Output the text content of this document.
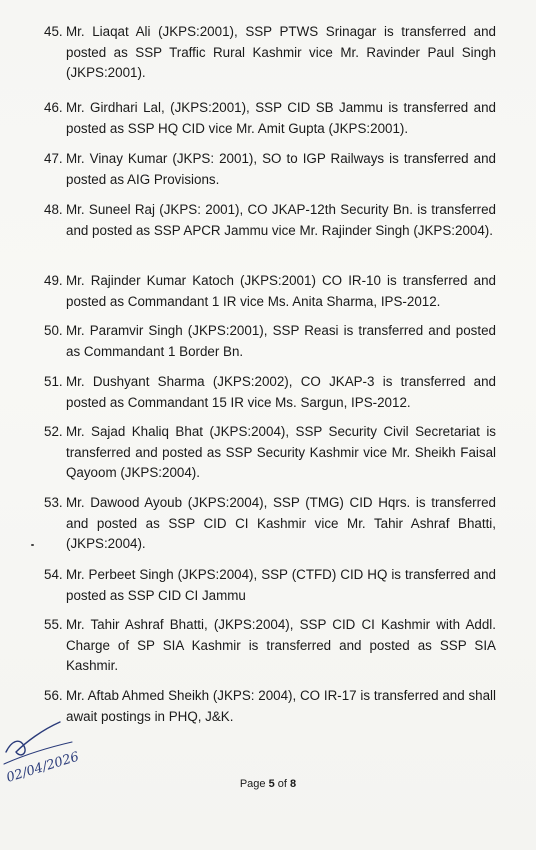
45. Mr. Liaqat Ali (JKPS:2001), SSP PTWS Srinagar is transferred and posted as SSP Traffic Rural Kashmir vice Mr. Ravinder Paul Singh (JKPS:2001).
46. Mr. Girdhari Lal, (JKPS:2001), SSP CID SB Jammu is transferred and posted as SSP HQ CID vice Mr. Amit Gupta (JKPS:2001).
47. Mr. Vinay Kumar (JKPS: 2001), SO to IGP Railways is transferred and posted as AIG Provisions.
48. Mr. Suneel Raj (JKPS: 2001), CO JKAP-12th Security Bn. is transferred and posted as SSP APCR Jammu vice Mr. Rajinder Singh (JKPS:2004).
49. Mr. Rajinder Kumar Katoch (JKPS:2001) CO IR-10 is transferred and posted as Commandant 1 IR vice Ms. Anita Sharma, IPS-2012.
50. Mr. Paramvir Singh (JKPS:2001), SSP Reasi is transferred and posted as Commandant 1 Border Bn.
51. Mr. Dushyant Sharma (JKPS:2002), CO JKAP-3 is transferred and posted as Commandant 15 IR vice Ms. Sargun, IPS-2012.
52. Mr. Sajad Khaliq Bhat (JKPS:2004), SSP Security Civil Secretariat is transferred and posted as SSP Security Kashmir vice Mr. Sheikh Faisal Qayoom (JKPS:2004).
53. Mr. Dawood Ayoub (JKPS:2004), SSP (TMG) CID Hqrs. is transferred and posted as SSP CID CI Kashmir vice Mr. Tahir Ashraf Bhatti, (JKPS:2004).
54. Mr. Perbeet Singh (JKPS:2004), SSP (CTFD) CID HQ is transferred and posted as SSP CID CI Jammu
55. Mr. Tahir Ashraf Bhatti, (JKPS:2004), SSP CID CI Kashmir with Addl. Charge of SP SIA Kashmir is transferred and posted as SSP SIA Kashmir.
56. Mr. Aftab Ahmed Sheikh (JKPS: 2004), CO IR-17 is transferred and shall await postings in PHQ, J&K.
02/04/2026	Page 5 of 8
